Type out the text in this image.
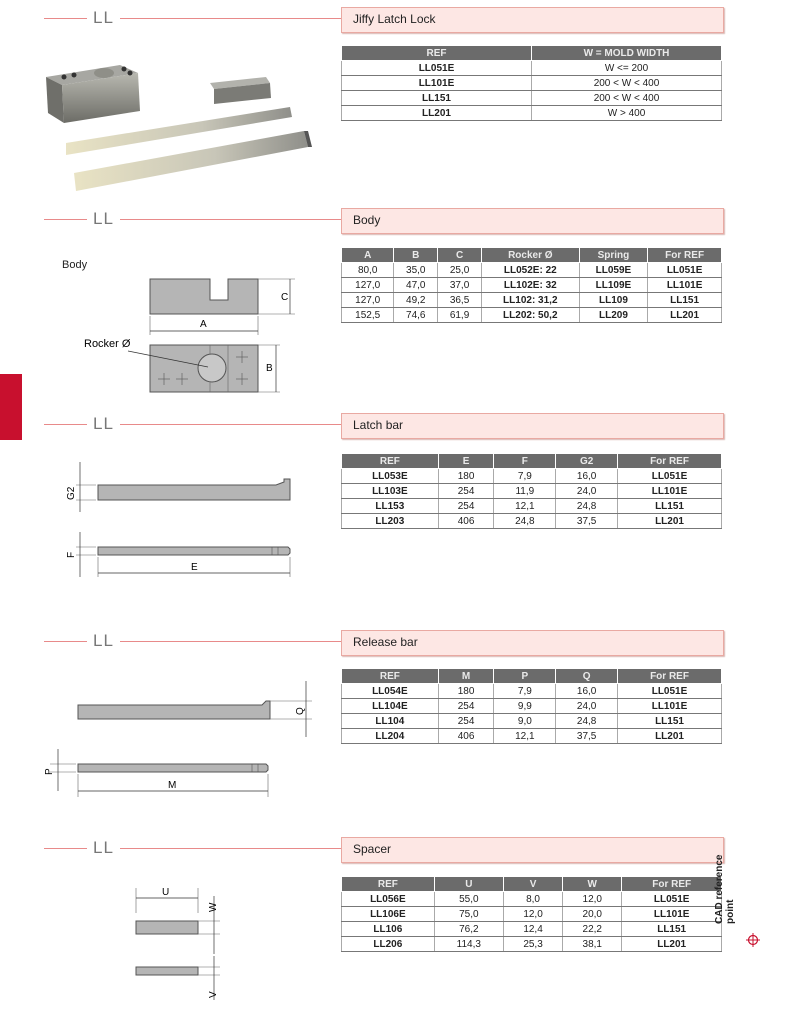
LL	Jiffy Latch Lock
REF	W = MOLD WIDTH
LL051E	W <= 200
LL101E	200 < W < 400
LL151	200 < W < 400
LL201	W > 400
LL	Body
A	B	C	Rocker Ø	Spring	For REF
80,0	35,0	25,0	LL052E: 22	LL059E	LL051E
127,0	47,0	37,0	LL102E: 32	LL109E	LL101E
127,0	49,2	36,5	LL102: 31,2	LL109	LL151
152,5	74,6	61,9	LL202: 50,2	LL209	LL201
Body
C
A
B
Rocker Ø
LL	Latch bar
REF	E	F	G2	For REF
LL053E	180	7,9	16,0	LL051E
LL103E	254	11,9	24,0	LL101E
LL153	254	12,1	24,8	LL151
LL203	406	24,8	37,5	LL201
G2
F
E
LL	Release bar
REF	M	P	Q	For REF
LL054E	180	7,9	16,0	LL051E
LL104E	254	9,9	24,0	LL101E
LL104	254	9,0	24,8	LL151
LL204	406	12,1	37,5	LL201
Q
P
M
LL	Spacer
REF	U	V	W	For REF
LL056E	55,0	8,0	12,0	LL051E
LL106E	75,0	12,0	20,0	LL101E
LL106	76,2	12,4	22,2	LL151
LL206	114,3	25,3	38,1	LL201
U
W
V
CAD reference point
